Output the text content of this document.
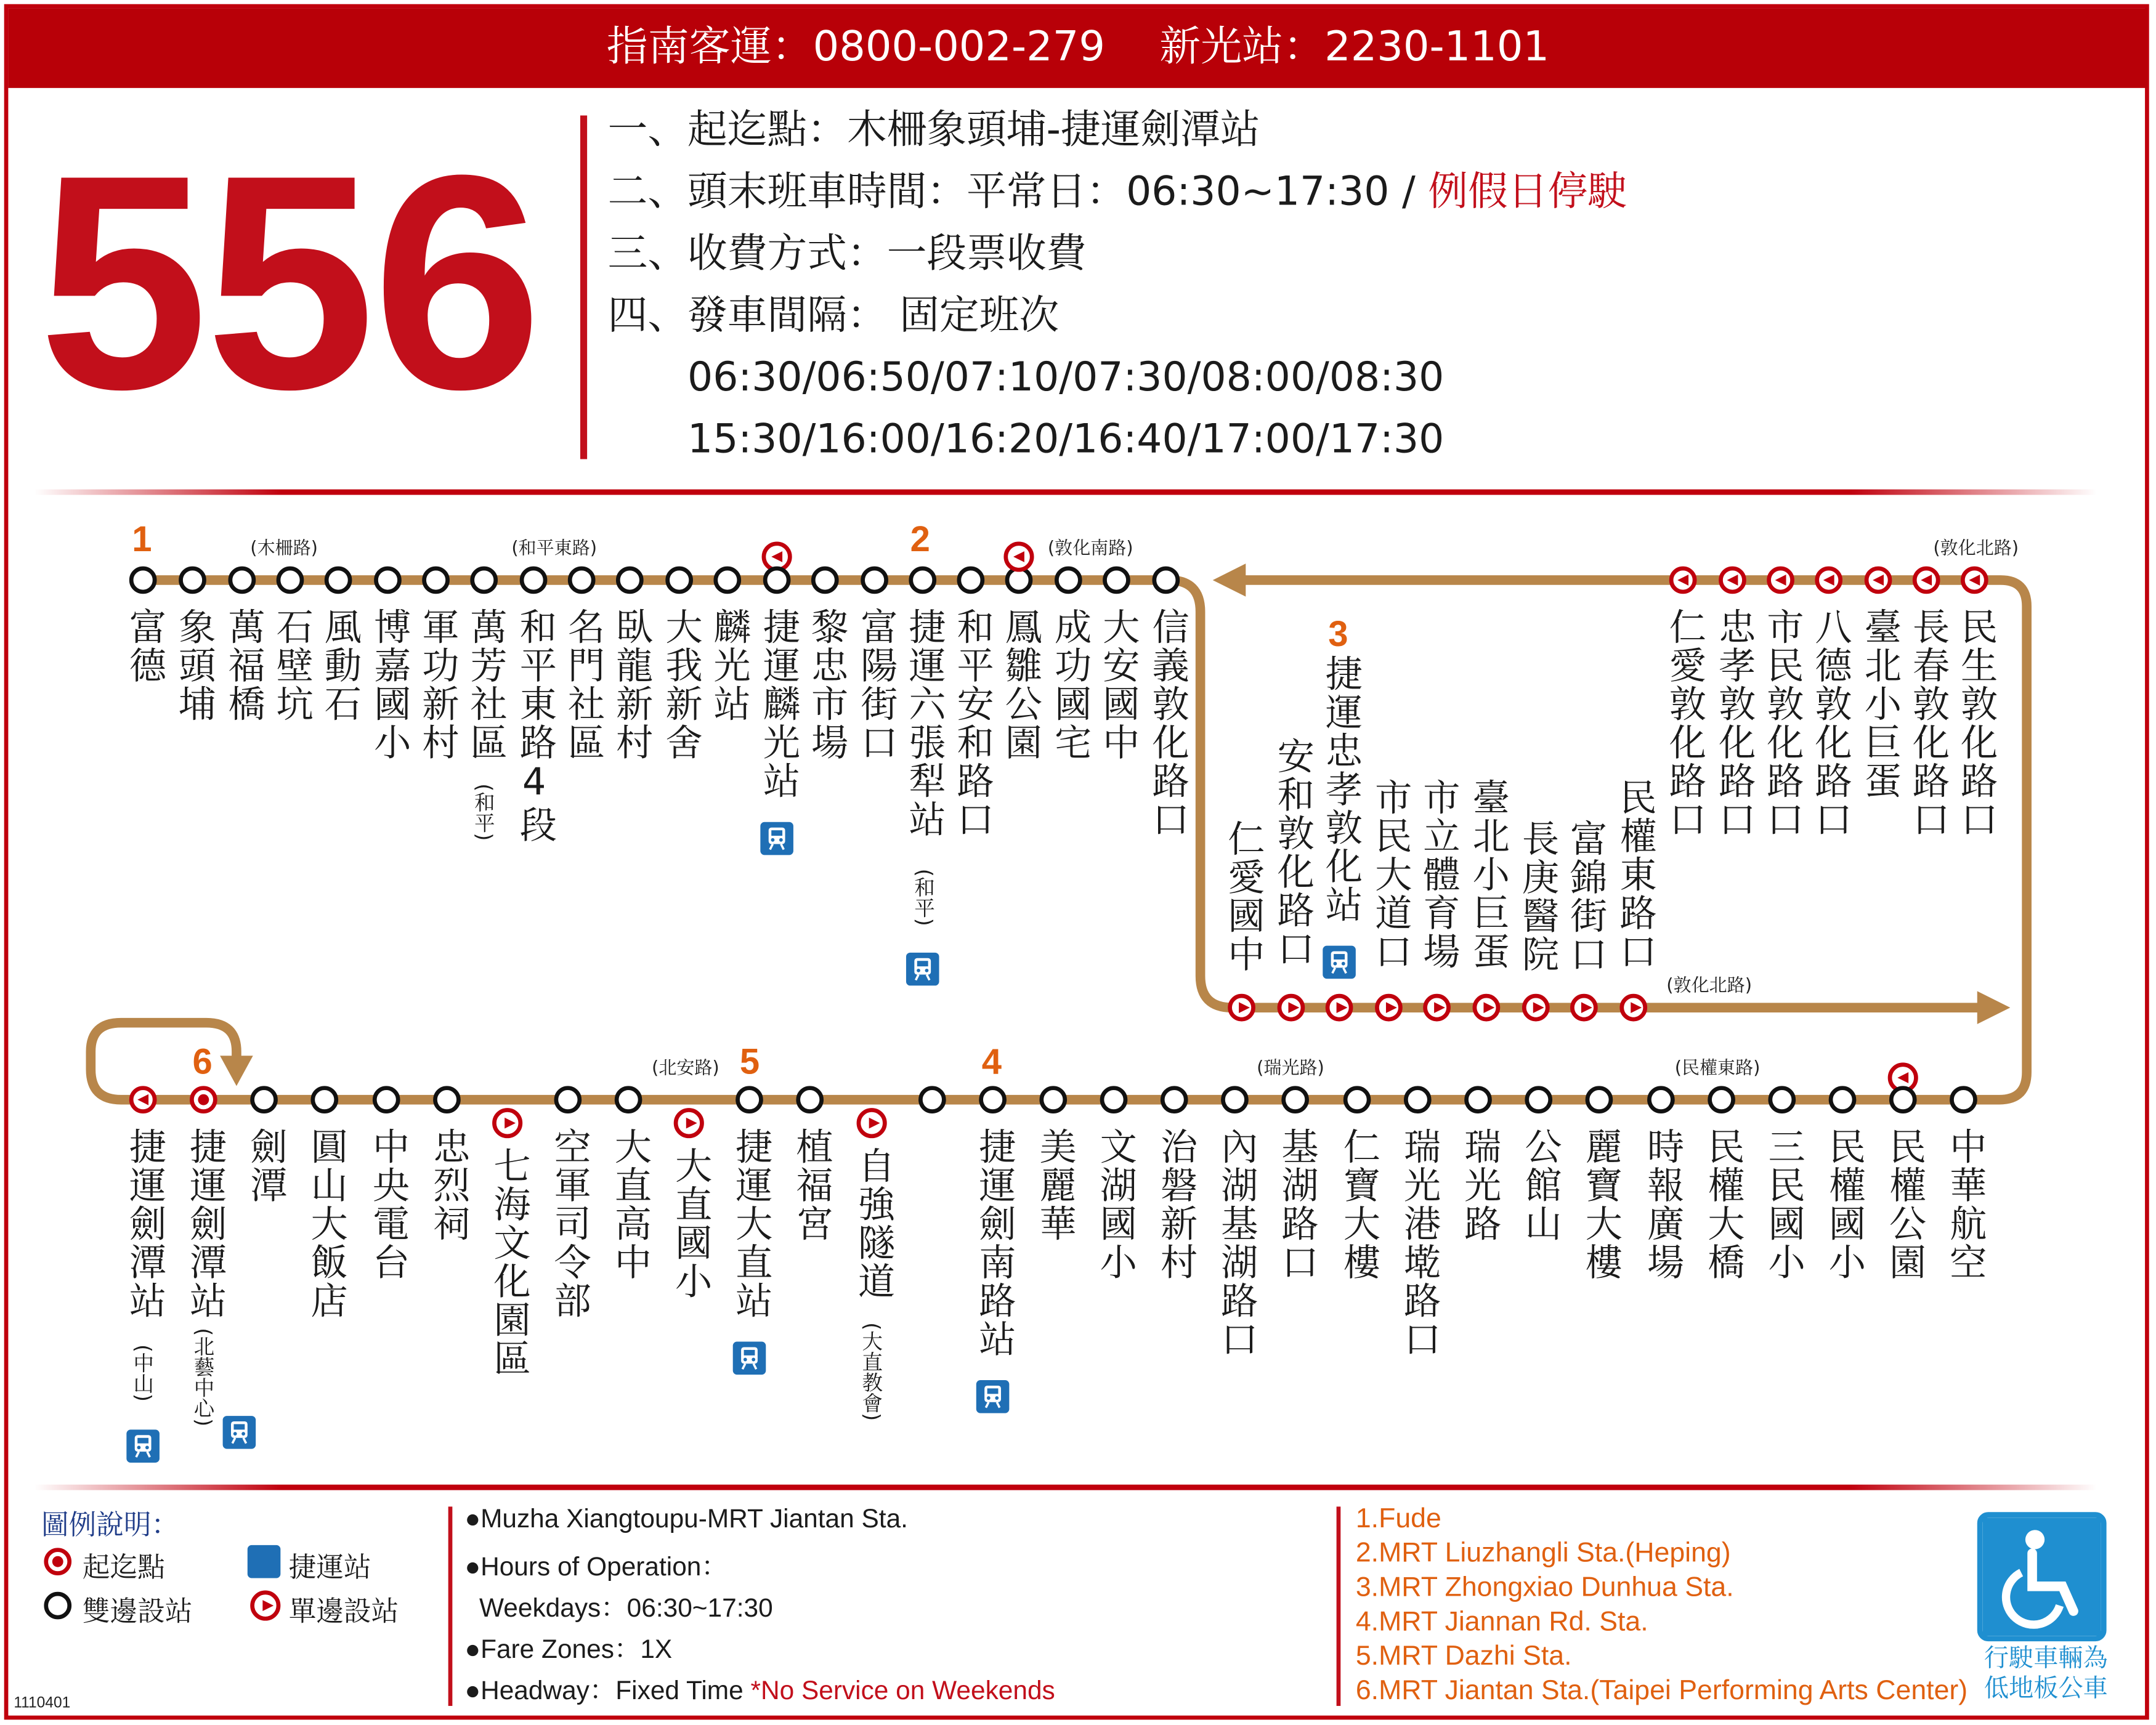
指南客運：0800-002-279　 新光站：2230-1101
556	一、起迄點：木柵象頭埔-捷運劍潭站
二、頭末班車時間：平常日：06:30~17:30 / 例假日停駛
三、收費方式：一段票收費
四、發車間隔： 固定班次
06:30/06:50/07:10/07:30/08:00/08:30
15:30/16:00/16:20/16:40/17:00/17:30
富德 象頭埔 萬福橋 石壁坑 風動石 博嘉國小 軍功新村 萬芳社區 和平東路4段 名門社區 臥龍新村 大我新舍 麟光站 捷運麟光站 黎忠市場 富陽街口 捷運六張犁站 和平安和路口 鳳雛公園 成功國宅 大安國中 信義敦化路口	仁愛敦化路口 忠孝敦化路口 市民敦化路口 八德敦化路口 臺北小巨蛋 長春敦化路口 民生敦化路口
仁愛國中 安和敦化路口 捷運忠孝敦化站 市民大道口 市立體育場 臺北小巨蛋 長庚醫院 富錦街口 民權東路口
捷運劍潭站 捷運劍潭站 劍潭 圓山大飯店 中央電台 忠烈祠 七海文化園區 空軍司令部 大直高中 大直國小 捷運大直站 植福宮 自強隧道	捷運劍南路站 美麗華 文湖國小 治磐新村 內湖基湖路口 基湖路口 仁寶大樓 瑞光港墘路口 瑞光路 公館山 麗寶大樓 時報廣場 民權大橋 三民國小 民權國小 民權公園 中華航空
(木柵路)	(和平東路)	(敦化南路)	(敦化北路)
(敦化北路)
(北安路)	(瑞光路)	(民權東路)
1	2
3
4
5
6
(和平)
(和平)
(中山)	(北藝中心)	(大直教會)
圖例說明：
起迄點	捷運站
雙邊設站	單邊設站
●Muzha Xiangtoupu-MRT Jiantan Sta.
●Hours of Operation：
Weekdays：06:30~17:30
●Fare Zones：1X
●Headway：Fixed Time *No Service on Weekends
1.Fude
2.MRT Liuzhangli Sta.(Heping)
3.MRT Zhongxiao Dunhua Sta.
4.MRT Jiannan Rd. Sta.
5.MRT Dazhi Sta.
6.MRT Jiantan Sta.(Taipei Performing Arts Center)
行駛車輛為
低地板公車
1110401
